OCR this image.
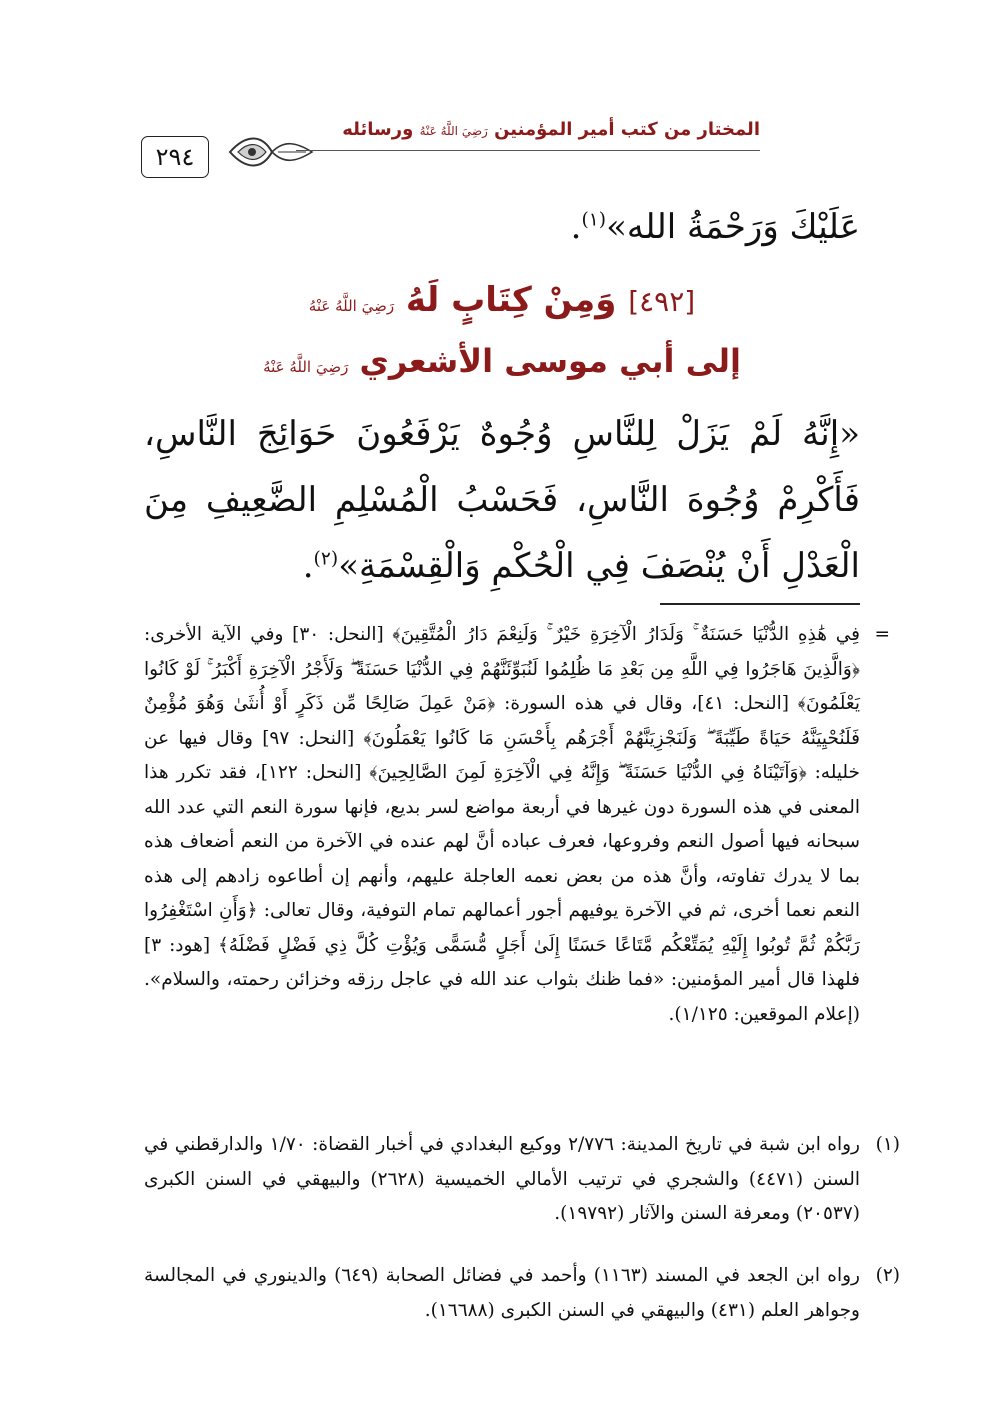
٢٩٤
المختار من كتب أمير المؤمنين رَضِيَ اللَّهُ عَنْهُ ورسائله
عَلَيْكَ وَرَحْمَةُ الله»$^{(١)}$.
[٤٩٢] وَمِنْ كِتَابٍ لَهُ رَضِيَ اللَّهُ عَنْهُ
إلى أبي موسى الأشعري رَضِيَ اللَّهُ عَنْهُ
«إِنَّهُ لَمْ يَزَلْ لِلنَّاسِ وُجُوهٌ يَرْفَعُونَ حَوَائِجَ النَّاسِ، فَأَكْرِمْ وُجُوهَ النَّاسِ، فَحَسْبُ الْمُسْلِمِ الضَّعِيفِ مِنَ الْعَدْلِ أَنْ يُنْصَفَ فِي الْحُكْمِ وَالْقِسْمَةِ»$^{(٢)}$.
=
فِي هَٰذِهِ الدُّنْيَا حَسَنَةٌ ۚ وَلَدَارُ الْآخِرَةِ خَيْرٌ ۚ وَلَنِعْمَ دَارُ الْمُتَّقِينَ﴾ [النحل: ٣٠] وفي الآية الأخرى: ﴿وَالَّذِينَ هَاجَرُوا فِي اللَّهِ مِن بَعْدِ مَا ظُلِمُوا لَنُبَوِّئَنَّهُمْ فِي الدُّنْيَا حَسَنَةً ۖ وَلَأَجْرُ الْآخِرَةِ أَكْبَرُ ۚ لَوْ كَانُوا يَعْلَمُونَ﴾ [النحل: ٤١]، وقال في هذه السورة: ﴿مَنْ عَمِلَ صَالِحًا مِّن ذَكَرٍ أَوْ أُنثَىٰ وَهُوَ مُؤْمِنٌ فَلَنُحْيِيَنَّهُ حَيَاةً طَيِّبَةً ۖ وَلَنَجْزِيَنَّهُمْ أَجْرَهُم بِأَحْسَنِ مَا كَانُوا يَعْمَلُونَ﴾ [النحل: ٩٧] وقال فيها عن خليله: ﴿وَآتَيْنَاهُ فِي الدُّنْيَا حَسَنَةً ۖ وَإِنَّهُ فِي الْآخِرَةِ لَمِنَ الصَّالِحِينَ﴾ [النحل: ١٢٢]، فقد تكرر هذا المعنى في هذه السورة دون غيرها في أربعة مواضع لسر بديع، فإنها سورة النعم التي عدد الله سبحانه فيها أصول النعم وفروعها، فعرف عباده أنَّ لهم عنده في الآخرة من النعم أضعاف هذه بما لا يدرك تفاوته، وأنَّ هذه من بعض نعمه العاجلة عليهم، وأنهم إن أطاعوه زادهم إلى هذه النعم نعما أخرى، ثم في الآخرة يوفيهم أجور أعمالهم تمام التوفية، وقال تعالى: ﴿وَأَنِ اسْتَغْفِرُوا رَبَّكُمْ ثُمَّ تُوبُوا إِلَيْهِ يُمَتِّعْكُم مَّتَاعًا حَسَنًا إِلَىٰ أَجَلٍ مُّسَمًّى وَيُؤْتِ كُلَّ ذِي فَضْلٍ فَضْلَهُ﴾ [هود: ٣] فلهذا قال أمير المؤمنين: «فما ظنك بثواب عند الله في عاجل رزقه وخزائن رحمته، والسلام». (إعلام الموقعين: ١/١٢٥).
(١)
رواه ابن شبة في تاريخ المدينة: ٢/٧٧٦ ووكيع البغدادي في أخبار القضاة: ١/٧٠ والدارقطني في السنن (٤٤٧١) والشجري في ترتيب الأمالي الخميسية (٢٦٢٨) والبيهقي في السنن الكبرى (٢٠٥٣٧) ومعرفة السنن والآثار (١٩٧٩٢).
(٢)
رواه ابن الجعد في المسند (١١٦٣) وأحمد في فضائل الصحابة (٦٤٩) والدينوري في المجالسة وجواهر العلم (٤٣١) والبيهقي في السنن الكبرى (١٦٦٨٨).
